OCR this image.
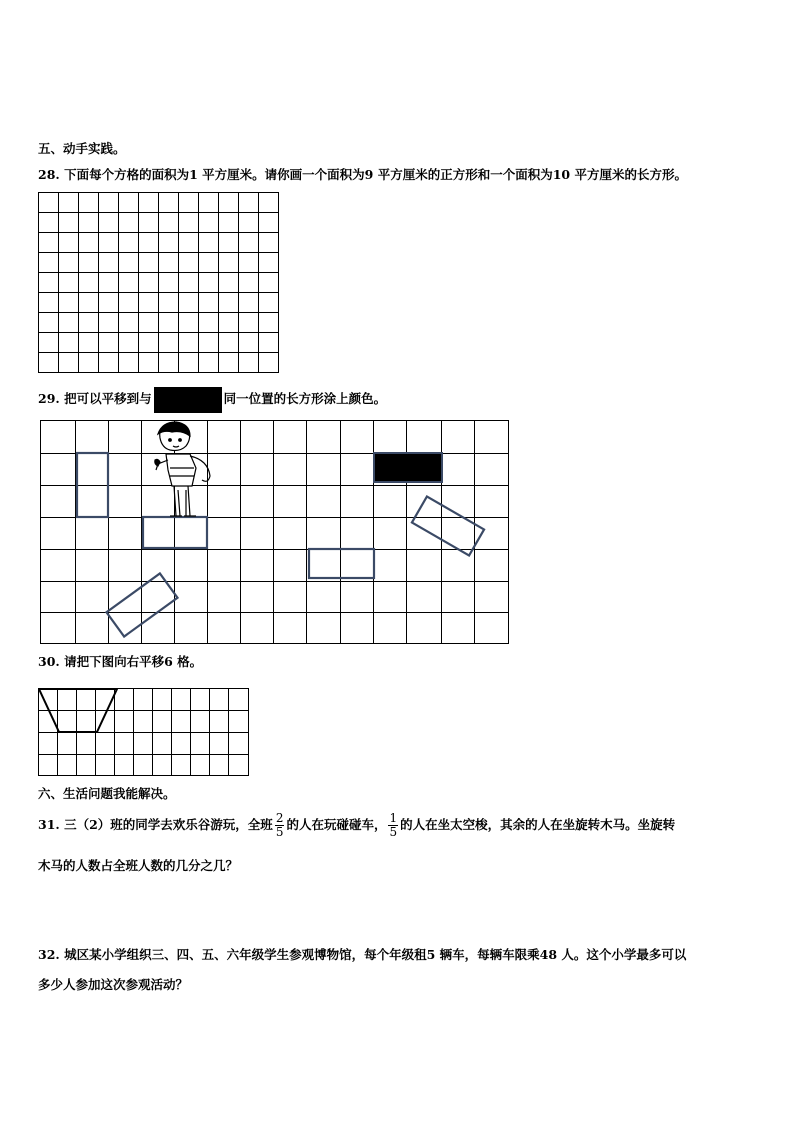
五、动手实践。
28. 下面每个方格的面积为1 平方厘米。请你画一个面积为9 平方厘米的正方形和一个面积为10 平方厘米的长方形。
29. 把可以平移到与	同一位置的长方形涂上颜色。
30. 请把下图向右平移6 格。
六、生活问题我能解决。
31. 三（2）班的同学去欢乐谷游玩，全班 $\frac{2}{5}$ 的人在玩碰碰车， $\frac{1}{5}$ 的人在坐太空梭，其余的人在坐旋转木马。坐旋转
木马的人数占全班人数的几分之几？
32. 城区某小学组织三、四、五、六年级学生参观博物馆，每个年级租5 辆车，每辆车限乘48 人。这个小学最多可以
多少人参加这次参观活动？
